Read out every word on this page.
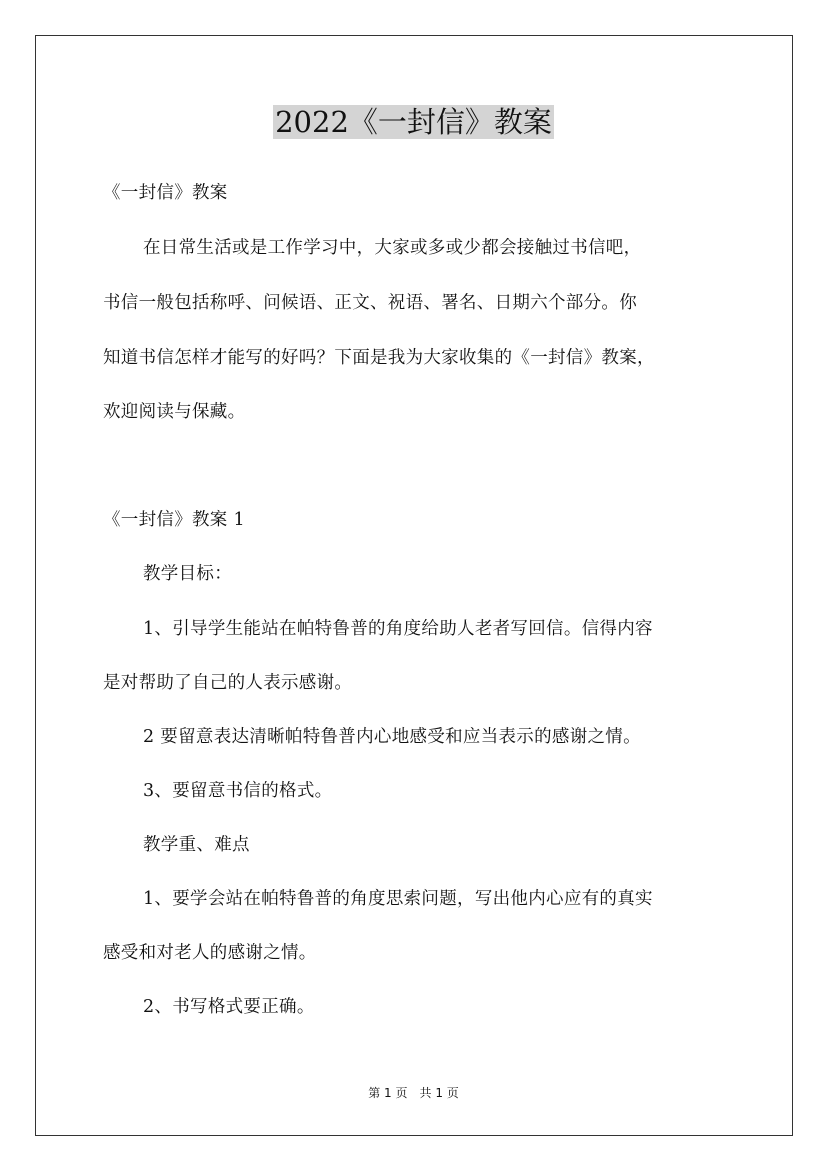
2022《一封信》教案
《一封信》教案
在日常生活或是工作学习中，大家或多或少都会接触过书信吧，
书信一般包括称呼、问候语、正文、祝语、署名、日期六个部分。你
知道书信怎样才能写的好吗？下面是我为大家收集的《一封信》教案，
欢迎阅读与保藏。
《一封信》教案 1
教学目标：
1、引导学生能站在帕特鲁普的角度给助人老者写回信。信得内容
是对帮助了自己的人表示感谢。
2 要留意表达清晰帕特鲁普内心地感受和应当表示的感谢之情。
3、要留意书信的格式。
教学重、难点
1、要学会站在帕特鲁普的角度思索问题，写出他内心应有的真实
感受和对老人的感谢之情。
2、书写格式要正确。
第 1 页　共 1 页
